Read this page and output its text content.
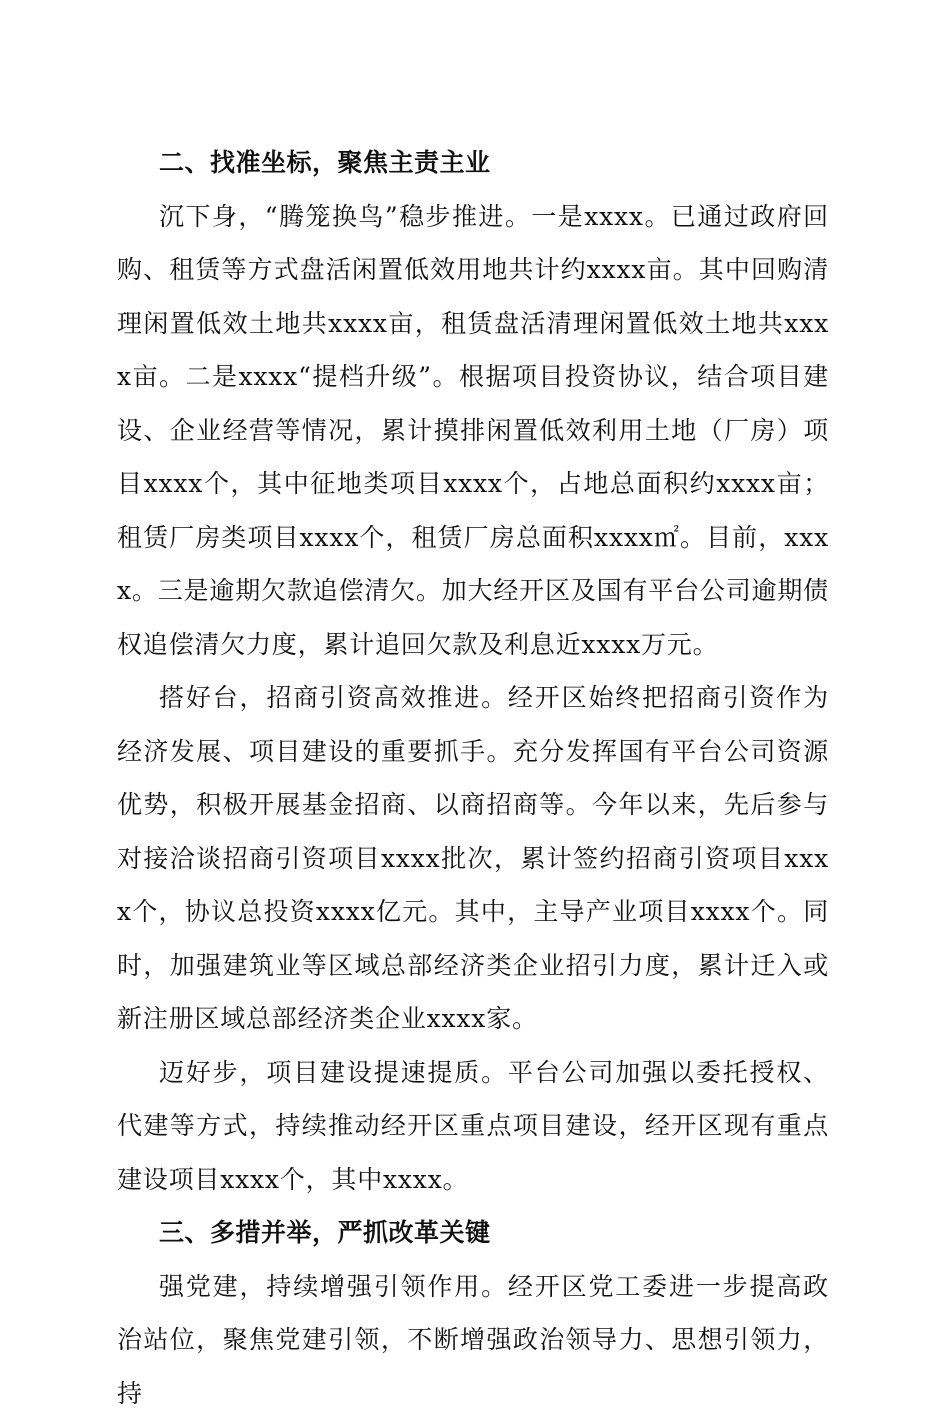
二、找准坐标，聚焦主责主业

沉下身，“腾笼换鸟”稳步推进。一是xxxx。已通过政府回购、租赁等方式盘活闲置低效用地共计约xxxx亩。其中回购清理闲置低效土地共xxxx亩，租赁盘活清理闲置低效土地共xxxx亩。二是xxxx“提档升级”。根据项目投资协议，结合项目建设、企业经营等情况，累计摸排闲置低效利用土地（厂房）项目xxxx个，其中征地类项目xxxx个，占地总面积约xxxx亩；租赁厂房类项目xxxx个，租赁厂房总面积xxxx㎡。目前，xxxx。三是逾期欠款追偿清欠。加大经开区及国有平台公司逾期债权追偿清欠力度，累计追回欠款及利息近xxxx万元。

搭好台，招商引资高效推进。经开区始终把招商引资作为经济发展、项目建设的重要抓手。充分发挥国有平台公司资源优势，积极开展基金招商、以商招商等。今年以来，先后参与对接洽谈招商引资项目xxxx批次，累计签约招商引资项目xxxx个，协议总投资xxxx亿元。其中，主导产业项目xxxx个。同时，加强建筑业等区域总部经济类企业招引力度，累计迁入或新注册区域总部经济类企业xxxx家。

迈好步，项目建设提速提质。平台公司加强以委托授权、代建等方式，持续推动经开区重点项目建设，经开区现有重点建设项目xxxx个，其中xxxx。

三、多措并举，严抓改革关键

强党建，持续增强引领作用。经开区党工委进一步提高政治站位，聚焦党建引领，不断增强政治领导力、思想引领力，持
